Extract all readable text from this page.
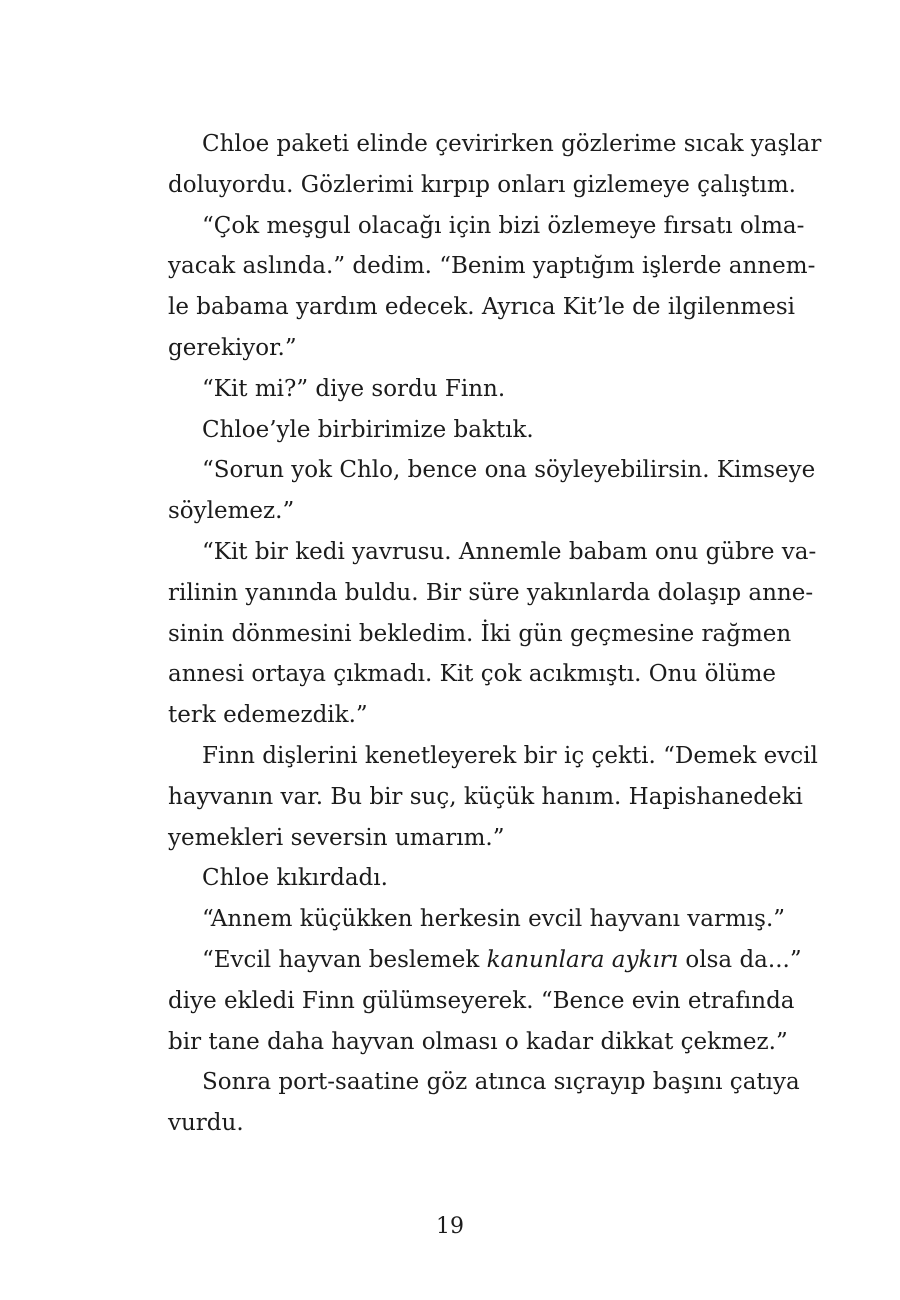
Chloe paketi elinde çevirirken gözlerime sıcak yaşlar
doluyordu. Gözlerimi kırpıp onları gizlemeye çalıştım.

“Çok meşgul olacağı için bizi özlemeye fırsatı olma-
yacak aslında.” dedim. “Benim yaptığım işlerde annem-
le babama yardım edecek. Ayrıca Kit’le de ilgilenmesi
gerekiyor.”

“Kit mi?” diye sordu Finn.

Chloe’yle birbirimize baktık.

“Sorun yok Chlo, bence ona söyleyebilirsin. Kimseye
söylemez.”

“Kit bir kedi yavrusu. Annemle babam onu gübre va-
rilinin yanında buldu. Bir süre yakınlarda dolaşıp anne-
sinin dönmesini bekledim. İki gün geçmesine rağmen
annesi ortaya çıkmadı. Kit çok acıkmıştı. Onu ölüme
terk edemezdik.”

Finn dişlerini kenetleyerek bir iç çekti. “Demek evcil
hayvanın var. Bu bir suç, küçük hanım. Hapishanedeki
yemekleri seversin umarım.”

Chloe kıkırdadı.

“Annem küçükken herkesin evcil hayvanı varmış.”

“Evcil hayvan beslemek kanunlara aykırı olsa da...”
diye ekledi Finn gülümseyerek. “Bence evin etrafında
bir tane daha hayvan olması o kadar dikkat çekmez.”

Sonra port-saatine göz atınca sıçrayıp başını çatıya
vurdu.

19
